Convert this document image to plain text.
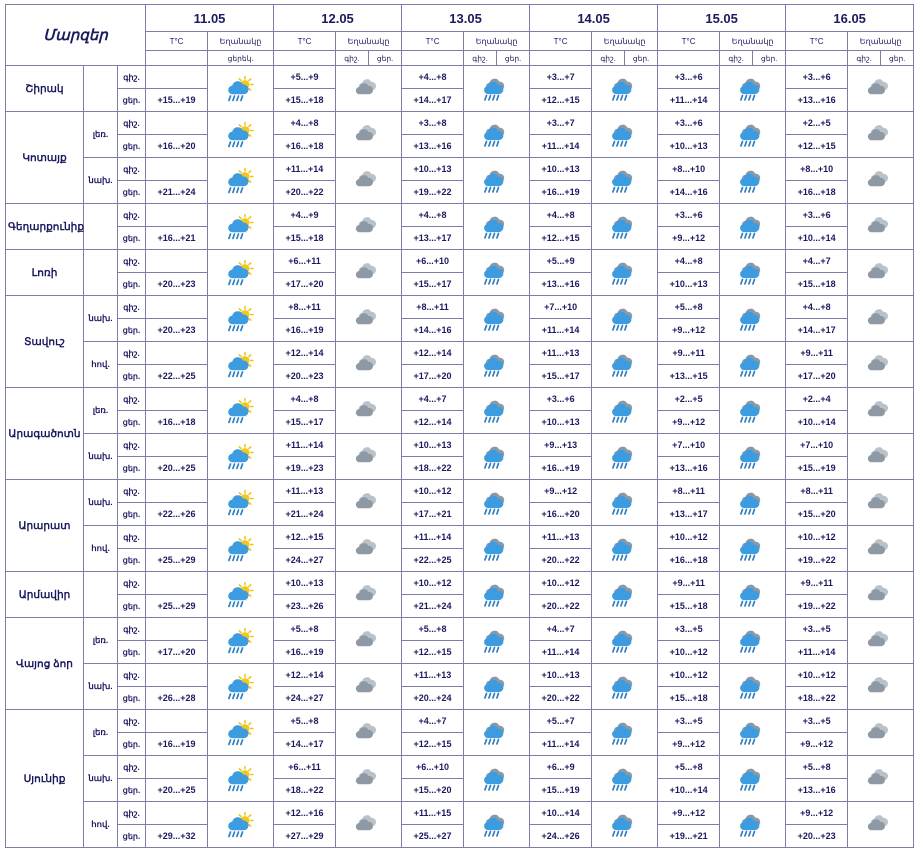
Մարզեր			11.05		12.05			13.05			14.05			15.05			16.05		
			T°C	Եղանակը	T°C	Եղանակը		T°C	Եղանակը		T°C	Եղանակը		T°C	Եղանակը		T°C	Եղանակը	
				ցերեկ.		գիշ.	ցեր.		գիշ.	ցեր.		գիշ.	ցեր.		գիշ.	ցեր.		գիշ.	ցեր.
Շիրակ		գիշ.			+5...+9			+4...+8			+3...+7			+3...+6			+3...+6	

		ցեր.	+15...+19		+15...+18			+14...+17			+12...+15			+11...+14			+13...+16		
Կոտայք	լեռ.	գիշ.			+4...+8			+3...+8			+3...+7			+3...+6			+2...+5	

		ցեր.	+16...+20		+16...+18			+13...+16			+11...+14			+10...+13			+12...+15		
	նախ.	գիշ.			+11...+14			+10...+13			+10...+13			+8...+10			+8...+10	

		ցեր.	+21...+24		+20...+22			+19...+22			+16...+19			+14...+16			+16...+18		
Գեղարքունիք		գիշ.			+4...+9			+4...+8			+4...+8			+3...+6			+3...+6	

		ցեր.	+16...+21		+15...+18			+13...+17			+12...+15			+9...+12			+10...+14		
Լոռի		գիշ.			+6...+11			+6...+10			+5...+9			+4...+8			+4...+7	

		ցեր.	+20...+23		+17...+20			+15...+17			+13...+16			+10...+13			+15...+18		
Տավուշ	նախ.	գիշ.			+8...+11			+8...+11			+7...+10			+5...+8			+4...+8	

		ցեր.	+20...+23		+16...+19			+14...+16			+11...+14			+9...+12			+14...+17		
	հով.	գիշ.			+12...+14			+12...+14			+11...+13			+9...+11			+9...+11	

		ցեր.	+22...+25		+20...+23			+17...+20			+15...+17			+13...+15			+17...+20		
Արագածոտն	լեռ.	գիշ.			+4...+8			+4...+7			+3...+6			+2...+5			+2...+4	

		ցեր.	+16...+18		+15...+17			+12...+14			+10...+13			+9...+12			+10...+14		
	նախ.	գիշ.			+11...+14			+10...+13			+9...+13			+7...+10			+7...+10	

		ցեր.	+20...+25		+19...+23			+18...+22			+16...+19			+13...+16			+15...+19		
Արարատ	նախ.	գիշ.			+11...+13			+10...+12			+9...+12			+8...+11			+8...+11	

		ցեր.	+22...+26		+21...+24			+17...+21			+16...+20			+13...+17			+15...+20		
	հով.	գիշ.			+12...+15			+11...+14			+11...+13			+10...+12			+10...+12	

		ցեր.	+25...+29		+24...+27			+22...+25			+20...+22			+16...+18			+19...+22		
Արմավիր		գիշ.			+10...+13			+10...+12			+10...+12			+9...+11			+9...+11	

		ցեր.	+25...+29		+23...+26			+21...+24			+20...+22			+15...+18			+19...+22		
Վայոց ձոր	լեռ.	գիշ.			+5...+8			+5...+8			+4...+7			+3...+5			+3...+5	

		ցեր.	+17...+20		+16...+19			+12...+15			+11...+14			+10...+12			+11...+14		
	նախ.	գիշ.			+12...+14			+11...+13			+10...+13			+10...+12			+10...+12	

		ցեր.	+26...+28		+24...+27			+20...+24			+20...+22			+15...+18			+18...+22		
Սյունիք	լեռ.	գիշ.			+5...+8			+4...+7			+5...+7			+3...+5			+3...+5	

		ցեր.	+16...+19		+14...+17			+12...+15			+11...+14			+9...+12			+9...+12		
	նախ.	գիշ.			+6...+11			+6...+10			+6...+9			+5...+8			+5...+8	

		ցեր.	+20...+25		+18...+22			+15...+20			+15...+19			+10...+14			+13...+16		
	հով.	գիշ.			+12...+16			+11...+15			+10...+14			+9...+12			+9...+12	

		ցեր.	+29...+32		+27...+29			+25...+27			+24...+26			+19...+21			+20...+23		
